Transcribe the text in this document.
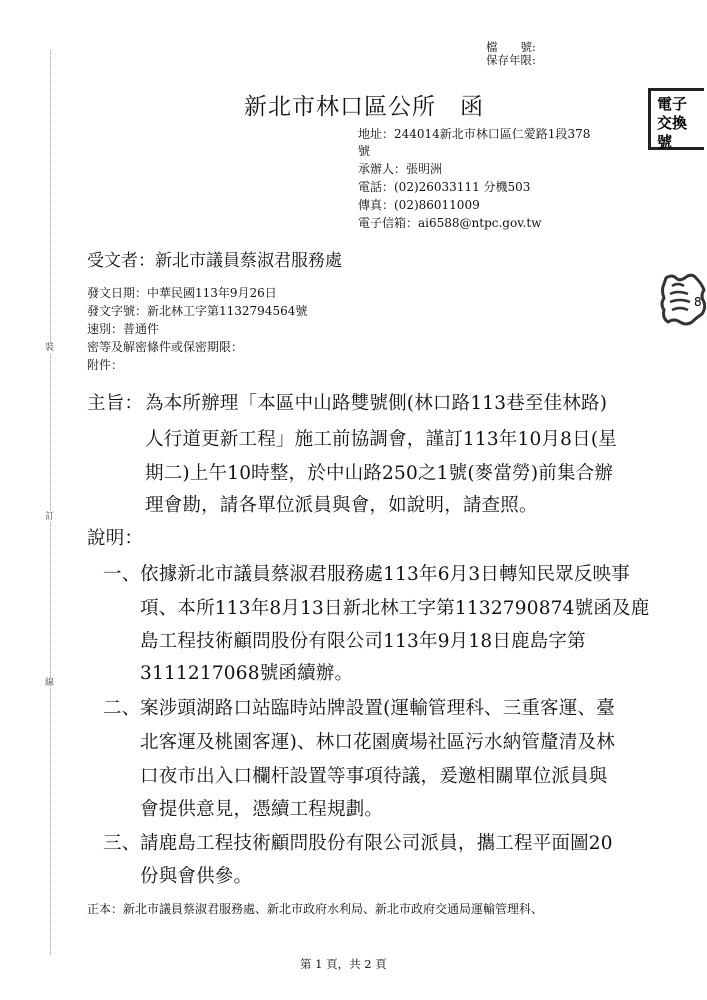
裝
訂
線
檔　　號:
保存年限:
電子
交換
號
8
新北市林口區公所　函
地址：244014新北市林口區仁愛路1段378
號
承辦人：張明洲
電話：(02)26033111 分機503
傳真：(02)86011009
電子信箱：ai6588@ntpc.gov.tw
受文者：新北市議員蔡淑君服務處
發文日期：中華民國113年9月26日
發文字號：新北林工字第1132794564號
速別：普通件
密等及解密條件或保密期限：
附件：
主旨： 為本所辦理「本區中山路雙號側(林口路113巷至佳林路)
人行道更新工程」施工前協調會，謹訂113年10月8日(星
期二)上午10時整，於中山路250之1號(麥當勞)前集合辦
理會勘，請各單位派員與會，如說明，請查照。
說明：
一、 依據新北市議員蔡淑君服務處113年6月3日轉知民眾反映事
項、本所113年8月13日新北林工字第1132790874號函及鹿
島工程技術顧問股份有限公司113年9月18日鹿島字第
3111217068號函續辦。
二、 案涉頭湖路口站臨時站牌設置(運輸管理科、三重客運、臺
北客運及桃園客運)、林口花園廣場社區污水納管釐清及林
口夜市出入口欄杆設置等事項待議，爰邀相關單位派員與
會提供意見，憑續工程規劃。
三、 請鹿島工程技術顧問股份有限公司派員，攜工程平面圖20
份與會供參。
正本：新北市議員蔡淑君服務處、新北市政府水利局、新北市政府交通局運輸管理科、
第 1 頁，共 2 頁
